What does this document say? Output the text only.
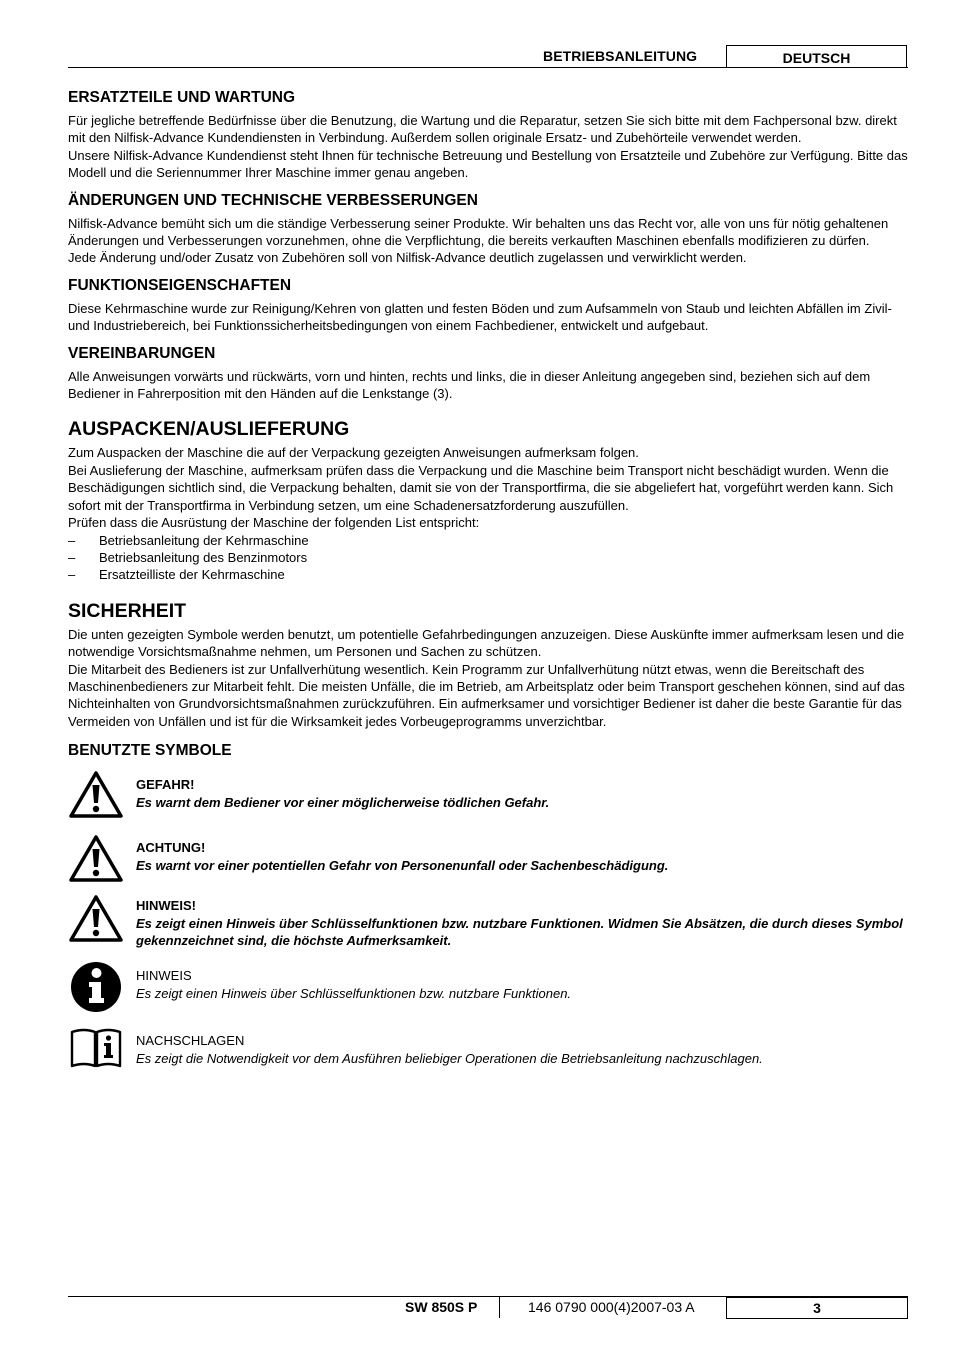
BETRIEBSANLEITUNG	DEUTSCH
ERSATZTEILE UND WARTUNG

Für jegliche betreffende Bedürfnisse über die Benutzung, die Wartung und die Reparatur, setzen Sie sich bitte mit dem Fachpersonal bzw. direkt mit den Nilfisk-Advance Kundendiensten in Verbindung. Außerdem sollen originale Ersatz- und Zubehörteile verwendet werden.

Unsere Nilfisk-Advance Kundendienst steht Ihnen für technische Betreuung und Bestellung von Ersatzteile und Zubehöre zur Verfügung. Bitte das Modell und die Seriennummer Ihrer Maschine immer genau angeben.

ÄNDERUNGEN UND TECHNISCHE VERBESSERUNGEN

Nilfisk-Advance bemüht sich um die ständige Verbesserung seiner Produkte. Wir behalten uns das Recht vor, alle von uns für nötig gehaltenen Änderungen und Verbesserungen vorzunehmen, ohne die Verpflichtung, die bereits verkauften Maschinen ebenfalls modifizieren zu dürfen.

Jede Änderung und/oder Zusatz von Zubehören soll von Nilfisk-Advance deutlich zugelassen und verwirklicht werden.

FUNKTIONSEIGENSCHAFTEN

Diese Kehrmaschine wurde zur Reinigung/Kehren von glatten und festen Böden und zum Aufsammeln von Staub und leichten Abfällen im Zivil- und Industriebereich, bei Funktionssicherheitsbedingungen von einem Fachbediener, entwickelt und aufgebaut.

VEREINBARUNGEN

Alle Anweisungen vorwärts und rückwärts, vorn und hinten, rechts und links, die in dieser Anleitung angegeben sind, beziehen sich auf dem Bediener in Fahrerposition mit den Händen auf die Lenkstange (3).

AUSPACKEN/AUSLIEFERUNG

Zum Auspacken der Maschine die auf der Verpackung gezeigten Anweisungen aufmerksam folgen.

Bei Auslieferung der Maschine, aufmerksam prüfen dass die Verpackung und die Maschine beim Transport nicht beschädigt wurden. Wenn die Beschädigungen sichtlich sind, die Verpackung behalten, damit sie von der Transportfirma, die sie abgeliefert hat, vorgeführt werden kann. Sich sofort mit der Transportfirma in Verbindung setzen, um eine Schadenersatzforderung auszufüllen.

Prüfen dass die Ausrüstung der Maschine der folgenden List entspricht:

– Betriebsanleitung der Kehrmaschine
– Betriebsanleitung des Benzinmotors
– Ersatzteilliste der Kehrmaschine
SICHERHEIT

Die unten gezeigten Symbole werden benutzt, um potentielle Gefahrbedingungen anzuzeigen. Diese Auskünfte immer aufmerksam lesen und die notwendige Vorsichtsmaßnahme nehmen, um Personen und Sachen zu schützen.

Die Mitarbeit des Bedieners ist zur Unfallverhütung wesentlich. Kein Programm zur Unfallverhütung nützt etwas, wenn die Bereitschaft des Maschinenbedieners zur Mitarbeit fehlt. Die meisten Unfälle, die im Betrieb, am Arbeitsplatz oder beim Transport geschehen können, sind auf das Nichteinhalten von Grundvorsichtsmaßnahmen zurückzuführen. Ein aufmerksamer und vorsichtiger Bediener ist daher die beste Garantie für das Vermeiden von Unfällen und ist für die Wirksamkeit jedes Vorbeugeprogramms unverzichtbar.

BENUTZTE SYMBOLE
GEFAHR!
Es warnt dem Bediener vor einer möglicherweise tödlichen Gefahr.
ACHTUNG!
Es warnt vor einer potentiellen Gefahr von Personenunfall oder Sachenbeschädigung.
HINWEIS!
Es zeigt einen Hinweis über Schlüsselfunktionen bzw. nutzbare Funktionen. Widmen Sie Absätzen, die durch dieses Symbol gekennzeichnet sind, die höchste Aufmerksamkeit.
HINWEIS
Es zeigt einen Hinweis über Schlüsselfunktionen bzw. nutzbare Funktionen.
NACHSCHLAGEN
Es zeigt die Notwendigkeit vor dem Ausführen beliebiger Operationen die Betriebsanleitung nachzuschlagen.
SW 850S P	146 0790 000(4)2007-03 A	3
